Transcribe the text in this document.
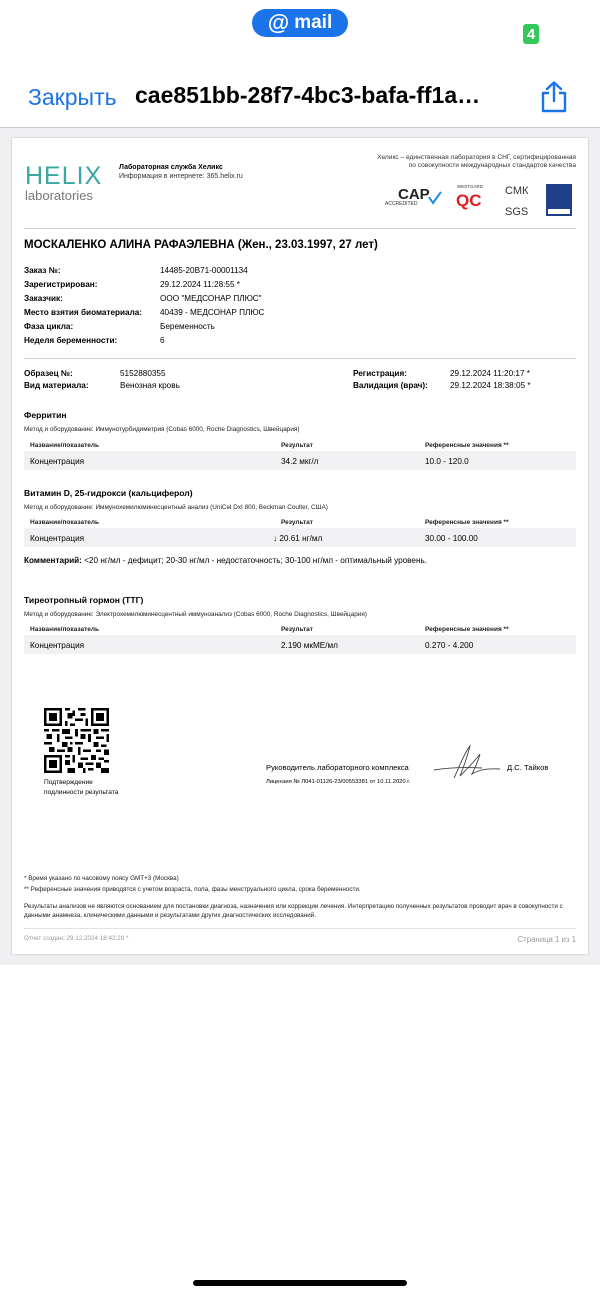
@ mail
4
Закрыть cae851bb-28f7-4bc3-bafa-ff1a…
HELIX
laboratories
Лабораторная служба Хеликс
Информация в интернете: 365.helix.ru
Хеликс – единственная лаборатория в СНГ, сертифицированная по совокупности международных стандартов качества
CAP
ACCREDITED
WESTGARD
QC СМК
SGS
МОСКАЛЕНКО АЛИНА РАФАЭЛЕВНА (Жен., 23.03.1997, 27 лет)
Заказ №:	14485-20B71-00001134
Зарегистрирован:	29.12.2024 11:28:55 *
Заказчик:	ООО "МЕДСОНАР ПЛЮС"
Место взятия биоматериала: 40439 - МЕДСОНАР ПЛЮС
Фаза цикла:	Беременность
Неделя беременности:	6
Образец №:	5152880355
Вид материала:	Венозная кровь
Регистрация:	29.12.2024 11:20:17 *
Валидация (врач):	29.12.2024 18:38:05 *
Ферритин
Метод и оборудование: Иммунотурбидиметрия (Cobas 6000, Roche Diagnostics, Швейцария)
Название/показатель	Результат	Референсные значения **
Концентрация	34.2 мкг/л	10.0 - 120.0
Витамин D, 25-гидрокси (кальциферол)
Метод и оборудование: Иммунохемилюминесцентный анализ (UniCel DxI 800, Beckman Coulter, США)
Название/показатель	Результат	Референсные значения **
Концентрация	↓ 20.61 нг/мл	30.00 - 100.00
Комментарий: <20 нг/мл - дефицит; 20-30 нг/мл - недостаточность; 30-100 нг/мл - оптимальный уровень.
Тиреотропный гормон (ТТГ)
Метод и оборудование: Электрохемилюминесцентный иммуноанализ (Cobas 6000, Roche Diagnostics, Швейцария)
Название/показатель	Результат	Референсные значения **
Концентрация	2.190 мкМЕ/мл	0.270 - 4.200
Подтверждение
подлинности результата
Руководитель лабораторного комплекса
Лицензия № Л041-01126-23/00553381 от 10.11.2020 г.
Д.С. Тайков
* Время указано по часовому поясу GMT+3 (Москва)
** Референсные значения приводятся с учетом возраста, пола, фазы менструального цикла, срока беременности.
Результаты анализов не являются основанием для постановки диагноза, назначения или коррекции лечения. Интерпретацию полученных результатов проводит врач в совокупности с данными анамнеза, клиническими данными и результатами других диагностических исследований.
Отчет создан: 29.12.2024 18:42:28 *	Страница 1 из 1
